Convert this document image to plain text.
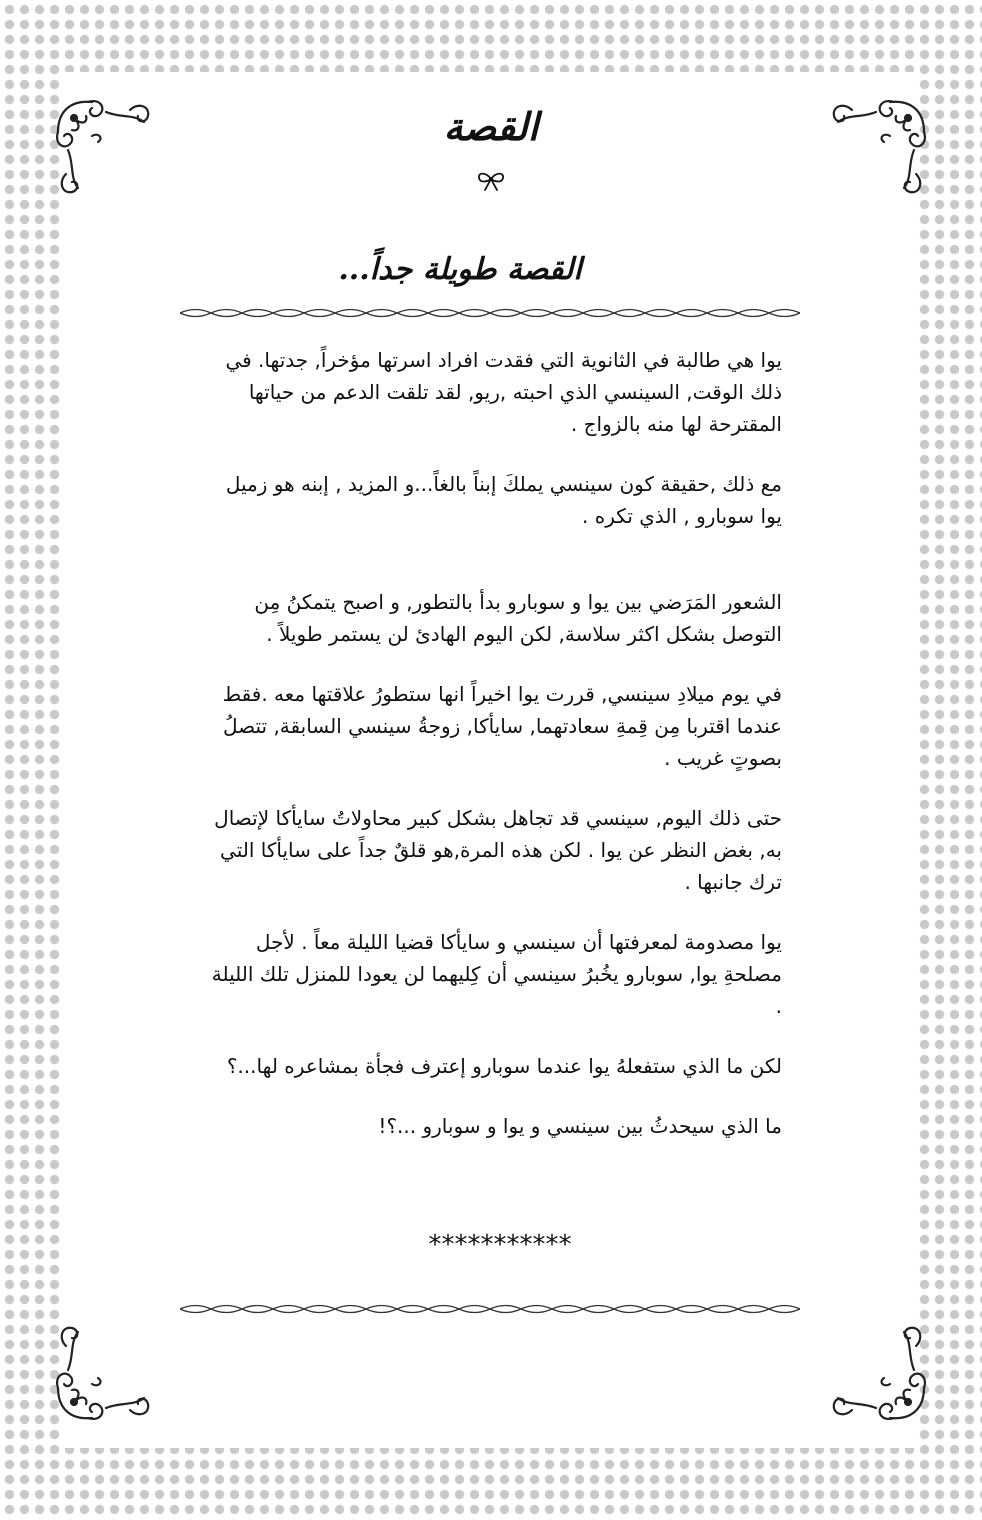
القصة
القصة طويلة جداً...

يوا هي طالبة في الثانوية التي فقدت افراد اسرتها مؤخراً, جدتها. في ذلك الوقت, السينسي الذي احبته ,ريو, لقد تلقت الدعم من حياتها المقترحة لها منه بالزواج .

مع ذلك ,حقيقة كون سينسي يملكَ إبناً بالغاً...و المزيد , إبنه هو زميل يوا سوبارو , الذي تكره .

الشعور المَرَضي بين يوا و سوبارو بدأ بالتطور, و اصبح يتمكنُ مِن التوصل بشكل اكثر سلاسة, لكن اليوم الهادئ لن يستمر طويلاً .

في يوم ميلادِ سينسي, قررت يوا اخيراً انها ستطورُ علاقتها معه .فقط عندما اقتربا مِن قِمةِ سعادتهما, سايأكا, زوجةُ سينسي السابقة, تتصلُ بصوتٍ غريب .

حتى ذلك اليوم, سينسي قد تجاهل بشكل كبير محاولاتُ سايأكا لإتصال به, بغض النظر عن يوا . لكن هذه المرة,هو قلقٌ جداً على سايأكا التي ترك جانبها .

يوا مصدومة لمعرفتها أن سينسي و سايأكا قضيا الليلة معاً . لأجل مصلحةِ يوا, سوبارو يخُبرُ سينسي أن كِليهما لن يعودا للمنزل تلك الليلة .

لكن ما الذي ستفعلهُ يوا عندما سوبارو إعترف فجأة بمشاعره لها...؟

ما الذي سيحدثُ بين سينسي و يوا و سوبارو ...؟!

***********
